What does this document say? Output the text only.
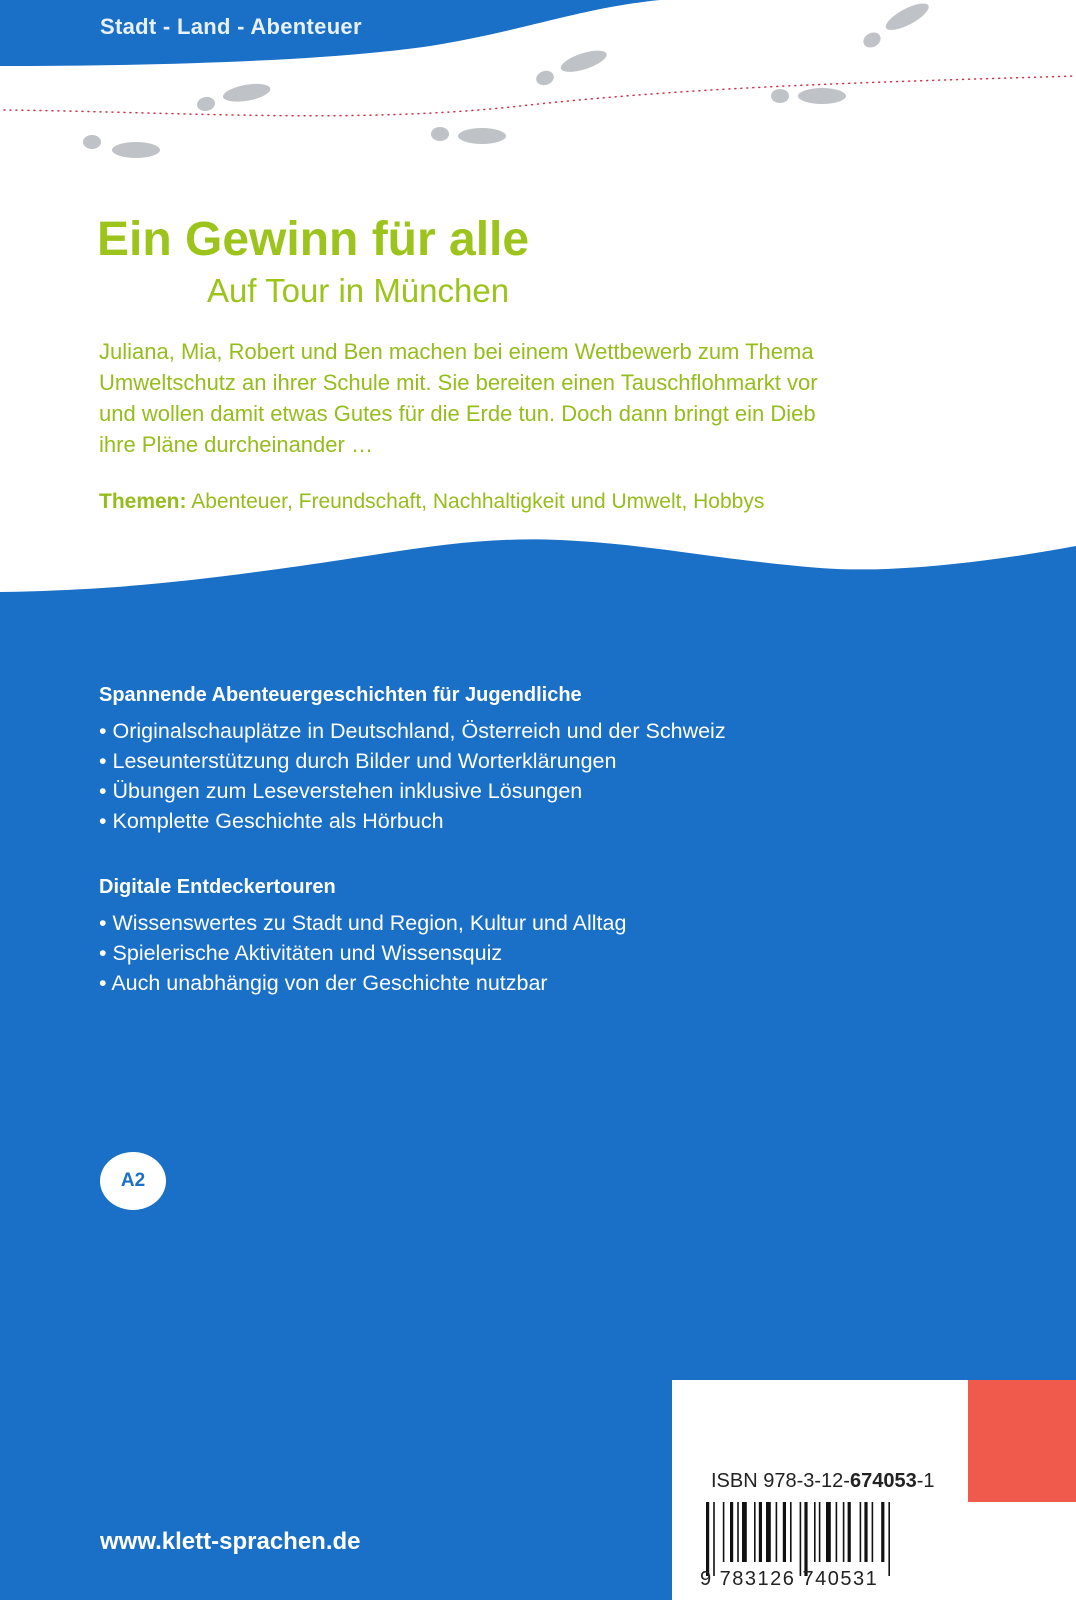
Stadt - Land - Abenteuer
Ein Gewinn für alle
Auf Tour in München

Juliana, Mia, Robert und Ben machen bei einem Wettbewerb zum Thema

Umweltschutz an ihrer Schule mit. Sie bereiten einen Tauschflohmarkt vor

und wollen damit etwas Gutes für die Erde tun. Doch dann bringt ein Dieb

ihre Pläne durcheinander …

Themen: Abenteuer, Freundschaft, Nachhaltigkeit und Umwelt, Hobbys
Spannende Abenteuergeschichten für Jugendliche
• Originalschauplätze in Deutschland, Österreich und der Schweiz
• Leseunterstützung durch Bilder und Worterklärungen
• Übungen zum Leseverstehen inklusive Lösungen
• Komplette Geschichte als Hörbuch
Digitale Entdeckertouren
• Wissenswertes zu Stadt und Region, Kultur und Alltag
• Spielerische Aktivitäten und Wissensquiz
• Auch unabhängig von der Geschichte nutzbar
A2
www.klett-sprachen.de
ISBN 978-3-12-674053-1
9 783126 740531
